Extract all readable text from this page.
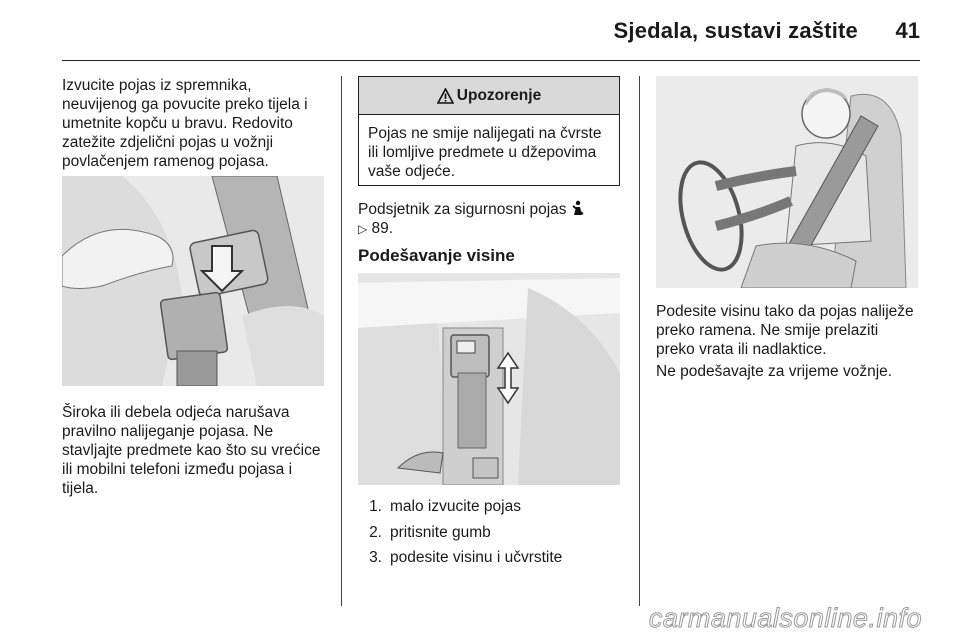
Sjedala, sustavi zaštite 41

Izvucite pojas iz spremnika,
neuvijenog ga povucite preko tijela i
umetnite kopču u bravu. Redovito
zatežite zdjelični pojas u vožnji
povlačenjem ramenog pojasa.

Široka ili debela odjeća narušava
pravilno nalijeganje pojasa. Ne
stavljajte predmete kao što su vrećice
ili mobilni telefoni između pojasa i
tijela.

Upozorenje
Pojas ne smije nalijegati na čvrste
ili lomljive predmete u džepovima
vaše odjeće.

Podsjetnik za sigurnosni pojas
▷ 89.

Podešavanje visine
1. malo izvucite pojas
2. pritisnite gumb
3. podesite visinu i učvrstite

Podesite visinu tako da pojas naliježe
preko ramena. Ne smije prelaziti
preko vrata ili nadlaktice.

Ne podešavajte za vrijeme vožnje.

carmanualsonline.info
